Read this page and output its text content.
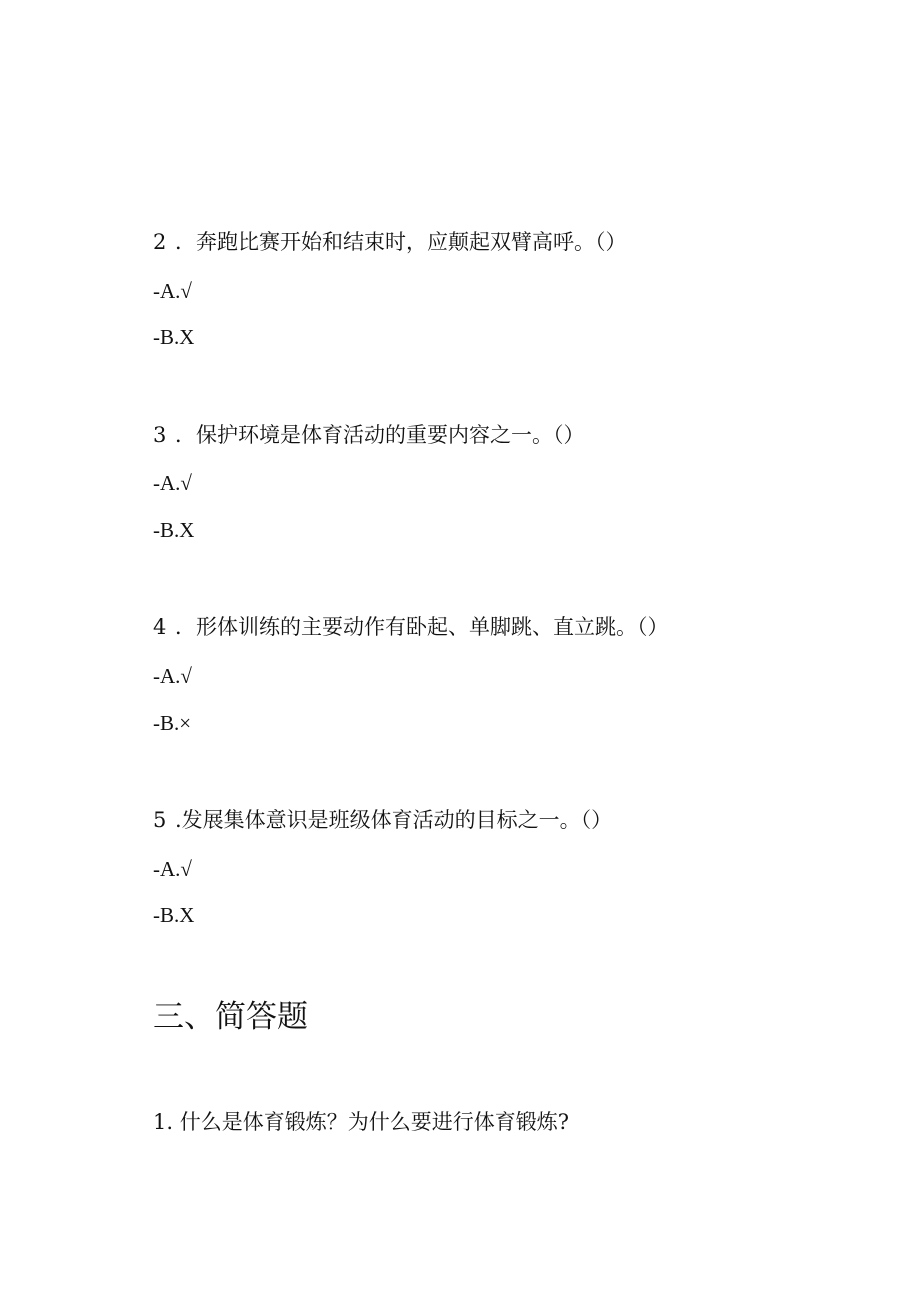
2 ．奔跑比赛开始和结束时，应颠起双臂高呼。（）
-A.√
-B.X
3 ．保护环境是体育活动的重要内容之一。（）
-A.√
-B.X
4 ．形体训练的主要动作有卧起、单脚跳、直立跳。（）
-A.√
-B.×
5 .发展集体意识是班级体育活动的目标之一。（）
-A.√
-B.X
三、简答题
1. 什么是体育锻炼？为什么要进行体育锻炼?
